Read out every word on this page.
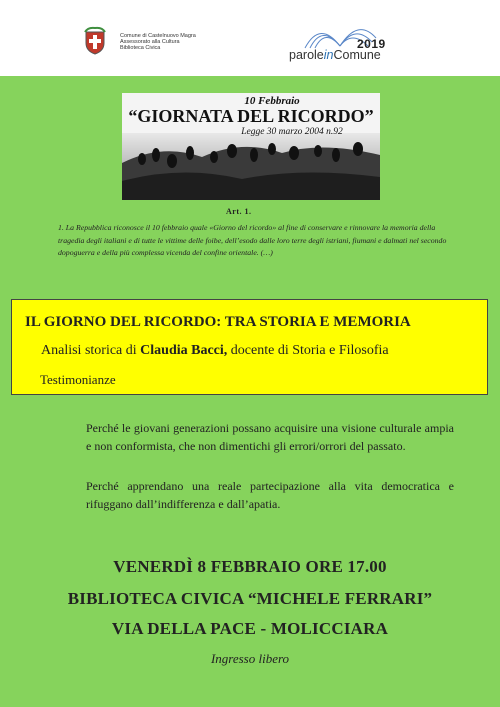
Comune di Castelnuovo Magra
Assessorato alla Cultura
Biblioteca Civica	2019
paroleinComune
10 Febbraio
“GIORNATA DEL RICORDO”
Legge 30 marzo 2004 n.92
Art. 1.
1. La Repubblica riconosce il 10 febbraio quale «Giorno del ricordo» al fine di conservare e rinnovare la memoria della tragedia degli italiani e di tutte le vittime delle foibe, dell’esodo dalle loro terre degli istriani, fiumani e dalmati nel secondo dopoguerra e della più complessa vicenda del confine orientale. (…)
IL GIORNO DEL RICORDO: TRA STORIA E MEMORIA
Analisi storica di Claudia Bacci, docente di Storia e Filosofia
Testimonianze
Perché le giovani generazioni possano acquisire una visione culturale ampia e non conformista, che non dimentichi gli errori/orrori del passato.
Perché apprendano una reale partecipazione alla vita democratica e rifuggano dall’indifferenza e dall’apatia.
VENERDÌ 8 FEBBRAIO ORE 17.00
BIBLIOTECA CIVICA “MICHELE FERRARI”
VIA DELLA PACE - MOLICCIARA
Ingresso libero
